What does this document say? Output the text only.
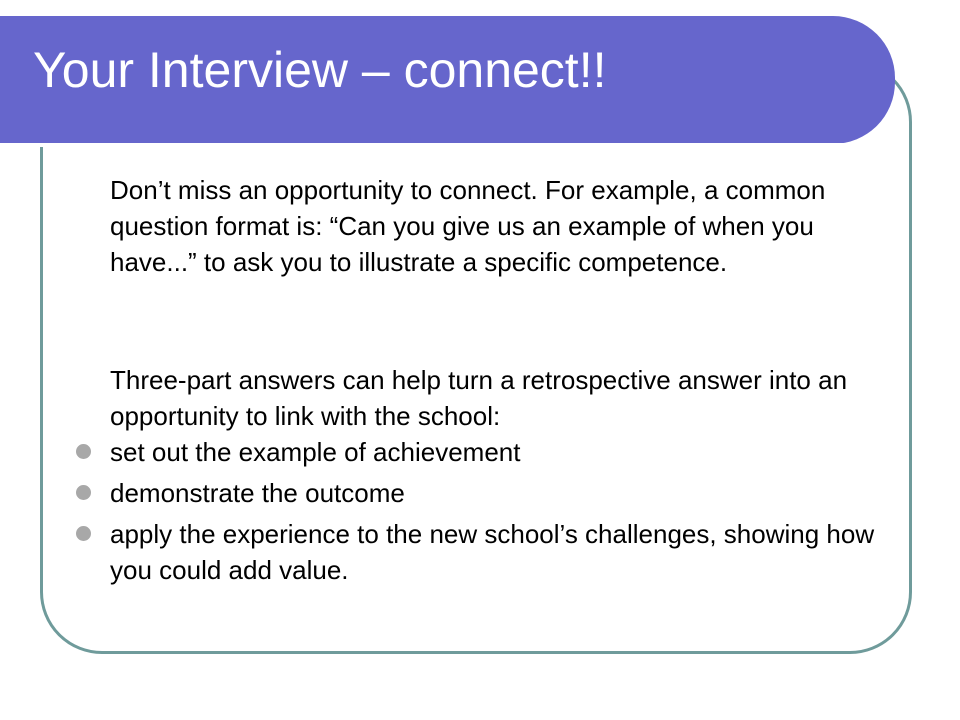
Your Interview – connect!!

Don’t miss an opportunity to connect. For example, a common question format is: “Can you give us an example of when you have...” to ask you to illustrate a specific competence.

Three-part answers can help turn a retrospective answer into an opportunity to link with the school:

set out the example of achievement
demonstrate the outcome
apply the experience to the new school’s challenges, showing how you could add value.
